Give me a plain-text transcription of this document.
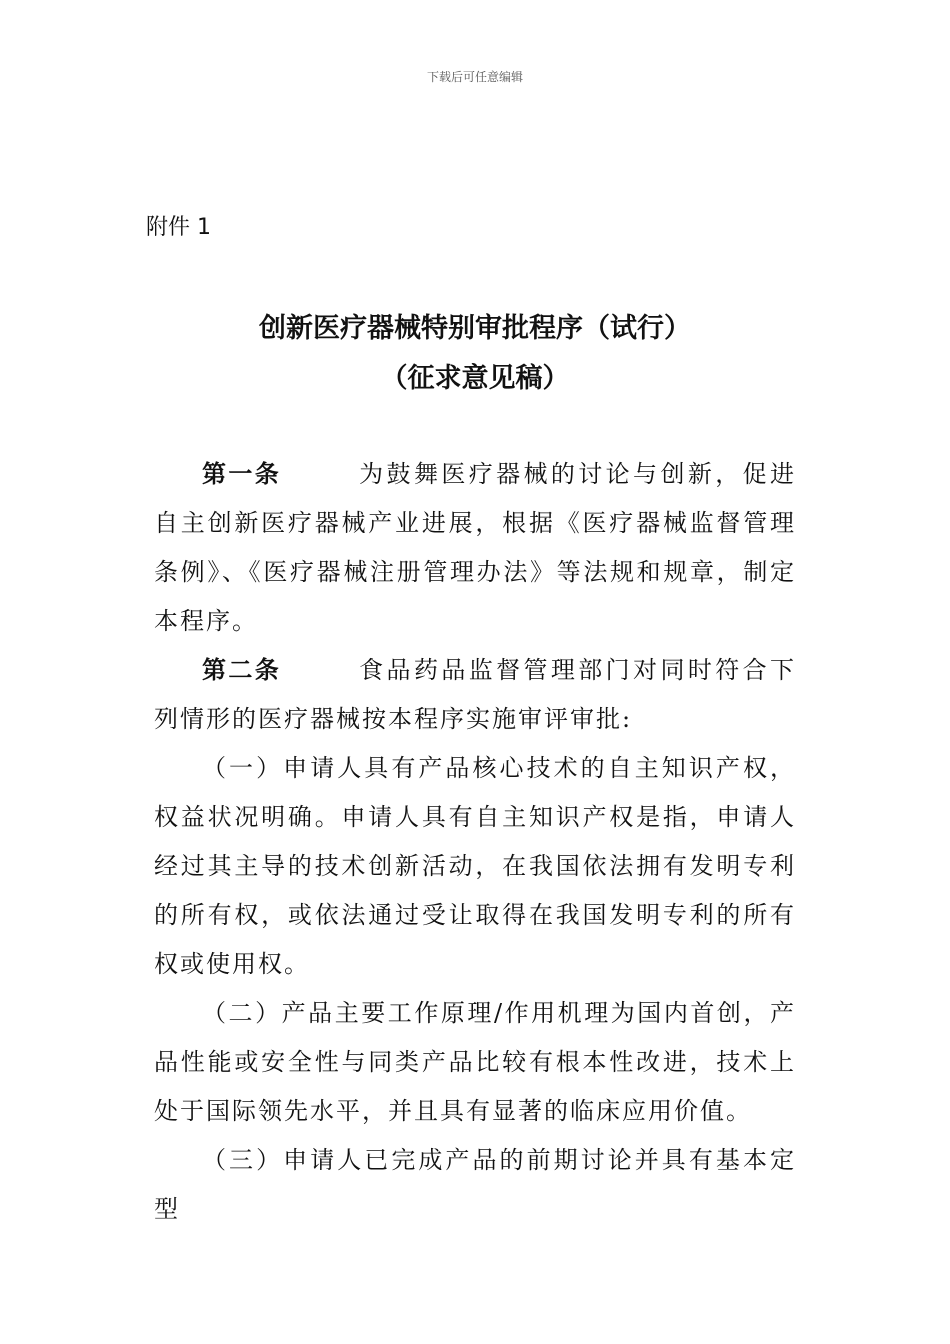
下载后可任意编辑
附件 1
创新医疗器械特别审批程序（试行）
（征求意见稿）

第一条	为鼓舞医疗器械的讨论与创新，促进自主创新医疗器械产业进展，根据《医疗器械监督管理条例》、《医疗器械注册管理办法》等法规和规章，制定本程序。

第二条	食品药品监督管理部门对同时符合下列情形的医疗器械按本程序实施审评审批:

（一）申请人具有产品核心技术的自主知识产权，权益状况明确。申请人具有自主知识产权是指，申请人经过其主导的技术创新活动，在我国依法拥有发明专利的所有权，或依法通过受让取得在我国发明专利的所有权或使用权。

（二）产品主要工作原理/作用机理为国内首创，产品性能或安全性与同类产品比较有根本性改进，技术上处于国际领先水平，并且具有显著的临床应用价值。

（三）申请人已完成产品的前期讨论并具有基本定型
